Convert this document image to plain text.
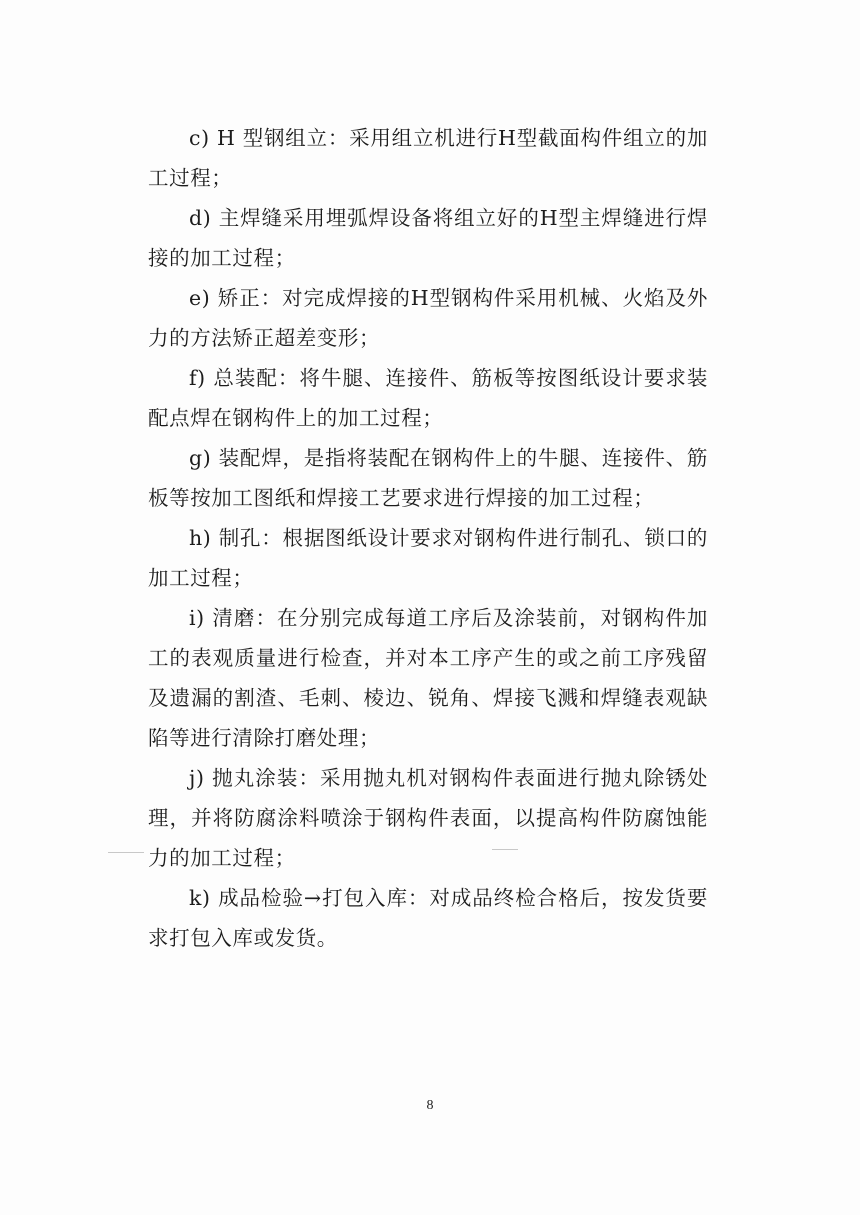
c) H 型钢组立：采用组立机进行H型截面构件组立的加工过程；

d) 主焊缝采用埋弧焊设备将组立好的H型主焊缝进行焊接的加工过程；

e) 矫正：对完成焊接的H型钢构件采用机械、火焰及外力的方法矫正超差变形；

f) 总装配：将牛腿、连接件、筋板等按图纸设计要求装配点焊在钢构件上的加工过程；

g) 装配焊，是指将装配在钢构件上的牛腿、连接件、筋板等按加工图纸和焊接工艺要求进行焊接的加工过程；

h) 制孔：根据图纸设计要求对钢构件进行制孔、锁口的加工过程；

i) 清磨：在分别完成每道工序后及涂装前，对钢构件加工的表观质量进行检查，并对本工序产生的或之前工序残留及遗漏的割渣、毛刺、棱边、锐角、焊接飞溅和焊缝表观缺陷等进行清除打磨处理；

j) 抛丸涂装：采用抛丸机对钢构件表面进行抛丸除锈处理，并将防腐涂料喷涂于钢构件表面，以提高构件防腐蚀能力的加工过程；

k) 成品检验→打包入库：对成品终检合格后，按发货要求打包入库或发货。

8
